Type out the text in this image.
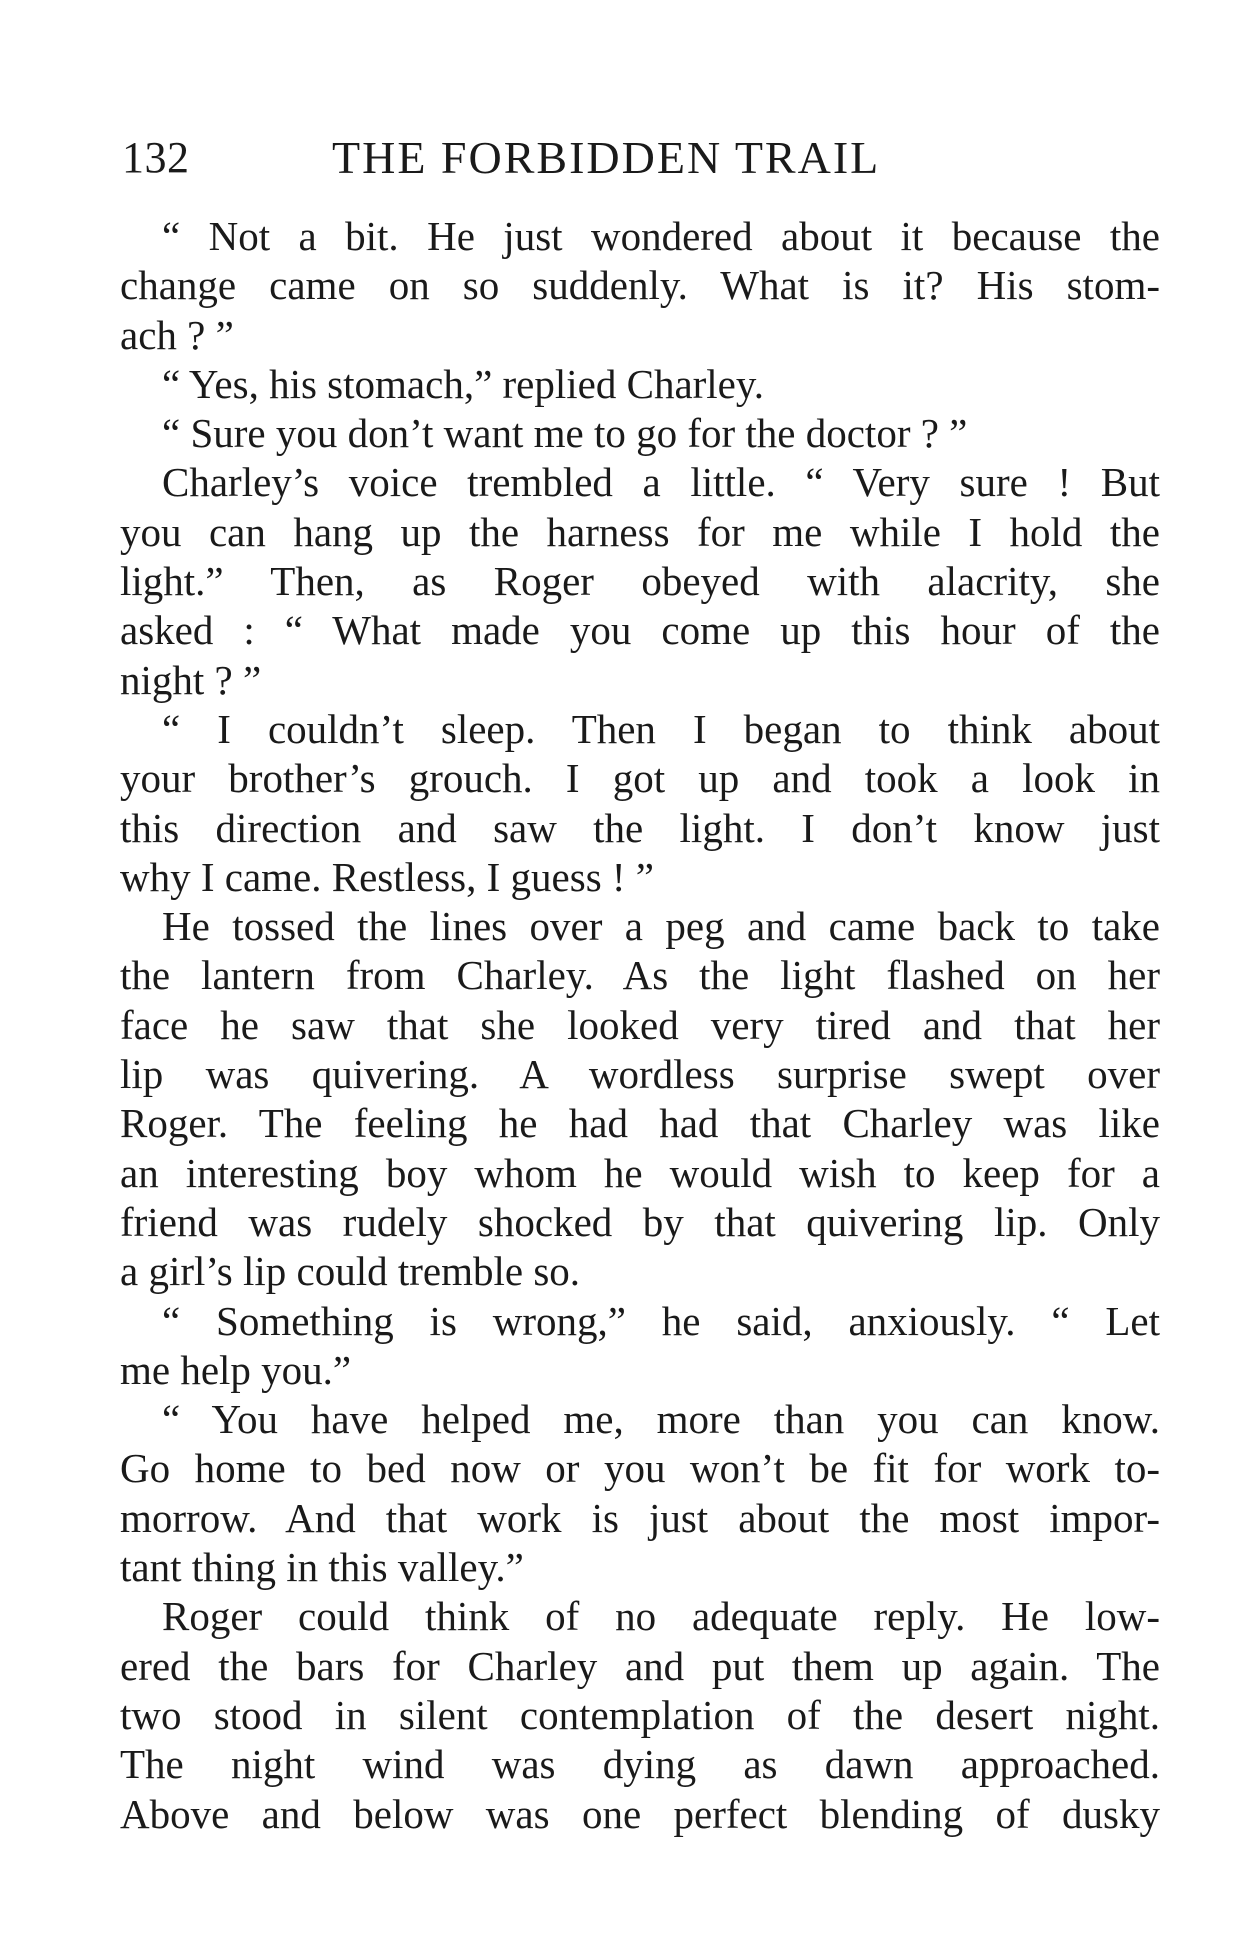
132	THE FORBIDDEN TRAIL
“ Not a bit. He just wondered about it because the
change came on so suddenly. What is it? His stom-
ach ? ”
“ Yes, his stomach,” replied Charley.
“ Sure you don’t want me to go for the doctor ? ”
Charley’s voice trembled a little. “ Very sure ! But
you can hang up the harness for me while I hold the
light.” Then, as Roger obeyed with alacrity, she
asked : “ What made you come up this hour of the
night ? ”
“ I couldn’t sleep. Then I began to think about
your brother’s grouch. I got up and took a look in
this direction and saw the light. I don’t know just
why I came. Restless, I guess ! ”
He tossed the lines over a peg and came back to take
the lantern from Charley. As the light flashed on her
face he saw that she looked very tired and that her
lip was quivering. A wordless surprise swept over
Roger. The feeling he had had that Charley was like
an interesting boy whom he would wish to keep for a
friend was rudely shocked by that quivering lip. Only
a girl’s lip could tremble so.
“ Something is wrong,” he said, anxiously. “ Let
me help you.”
“ You have helped me, more than you can know.
Go home to bed now or you won’t be fit for work to-
morrow. And that work is just about the most impor-
tant thing in this valley.”
Roger could think of no adequate reply. He low-
ered the bars for Charley and put them up again. The
two stood in silent contemplation of the desert night.
The night wind was dying as dawn approached.
Above and below was one perfect blending of dusky
